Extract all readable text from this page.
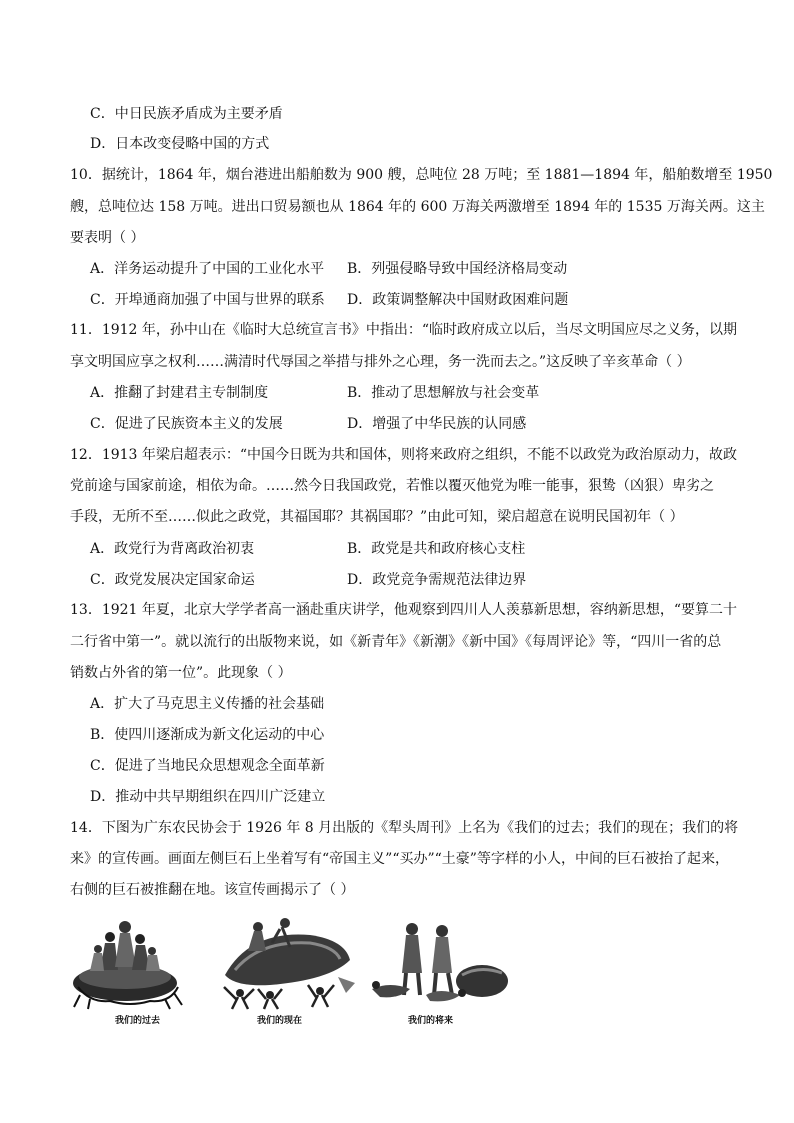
C．中日民族矛盾成为主要矛盾
D．日本改变侵略中国的方式
10．据统计，1864 年，烟台港进出船舶数为 900 艘，总吨位 28 万吨；至 1881—1894 年，船舶数增至 1950
艘，总吨位达 158 万吨。进出口贸易额也从 1864 年的 600 万海关两激增至 1894 年的 1535 万海关两。这主
要表明（ ）
A．洋务运动提升了中国的工业化水平 B．列强侵略导致中国经济格局变动
C．开埠通商加强了中国与世界的联系 D．政策调整解决中国财政困难问题
11．1912 年，孙中山在《临时大总统宣言书》中指出：“临时政府成立以后，当尽文明国应尽之义务，以期
享文明国应享之权利……满清时代辱国之举措与排外之心理，务一洗而去之。”这反映了辛亥革命（ ）
A．推翻了封建君主专制制度	B．推动了思想解放与社会变革
C．促进了民族资本主义的发展	D．增强了中华民族的认同感
12．1913 年梁启超表示：“中国今日既为共和国体，则将来政府之组织，不能不以政党为政治原动力，故政
党前途与国家前途，相依为命。……然今日我国政党，若惟以覆灭他党为唯一能事，狠鸷（凶狠）卑劣之
手段，无所不至……似此之政党，其福国耶？其祸国耶？”由此可知，梁启超意在说明民国初年（ ）
A．政党行为背离政治初衷	B．政党是共和政府核心支柱
C．政党发展决定国家命运	D．政党竞争需规范法律边界
13．1921 年夏，北京大学学者高一涵赴重庆讲学，他观察到四川人人羡慕新思想，容纳新思想，“要算二十
二行省中第一”。就以流行的出版物来说，如《新青年》《新潮》《新中国》《每周评论》等，“四川一省的总
销数占外省的第一位”。此现象（ ）
A．扩大了马克思主义传播的社会基础
B．使四川逐渐成为新文化运动的中心
C．促进了当地民众思想观念全面革新
D．推动中共早期组织在四川广泛建立
14．下图为广东农民协会于 1926 年 8 月出版的《犁头周刊》上名为《我们的过去；我们的现在；我们的将
来》的宣传画。画面左侧巨石上坐着写有“帝国主义”“买办”“土豪”等字样的小人，中间的巨石被抬了起来，
右侧的巨石被推翻在地。该宣传画揭示了（ ）
我们的过去	我们的现在	我们的将来
